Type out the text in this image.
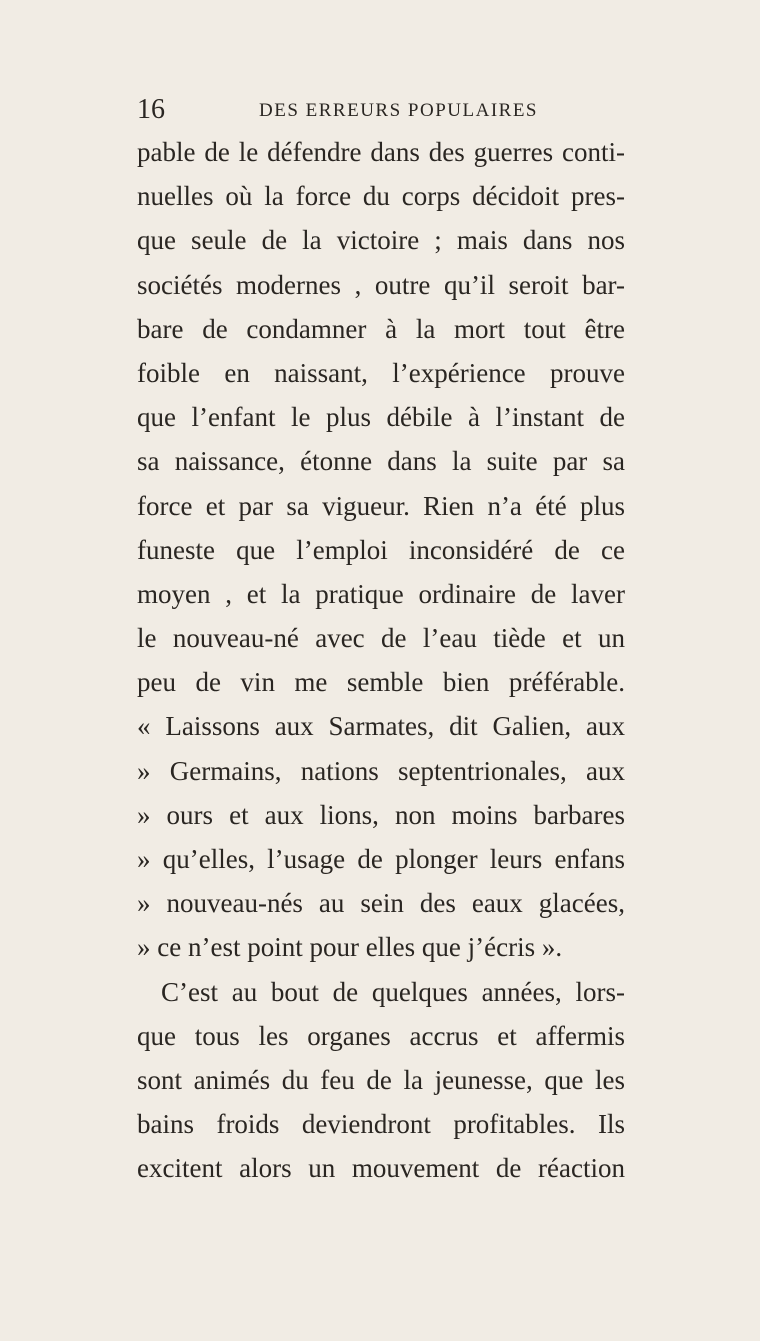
16	DES ERREURS POPULAIRES
pable de le défendre dans des guerres conti-
nuelles où la force du corps décidoit pres-
que seule de la victoire ; mais dans nos
sociétés modernes , outre qu’il seroit bar-
bare de condamner à la mort tout être
foible en naissant, l’expérience prouve
que l’enfant le plus débile à l’instant de
sa naissance, étonne dans la suite par sa
force et par sa vigueur. Rien n’a été plus
funeste que l’emploi inconsidéré de ce
moyen , et la pratique ordinaire de laver
le nouveau-né avec de l’eau tiède et un
peu de vin me semble bien préférable.
« Laissons aux Sarmates, dit Galien, aux
» Germains, nations septentrionales, aux
» ours et aux lions, non moins barbares
» qu’elles, l’usage de plonger leurs enfans
» nouveau-nés au sein des eaux glacées,
» ce n’est point pour elles que j’écris ».
C’est au bout de quelques années, lors-
que tous les organes accrus et affermis
sont animés du feu de la jeunesse, que les
bains froids deviendront profitables. Ils
excitent alors un mouvement de réaction
